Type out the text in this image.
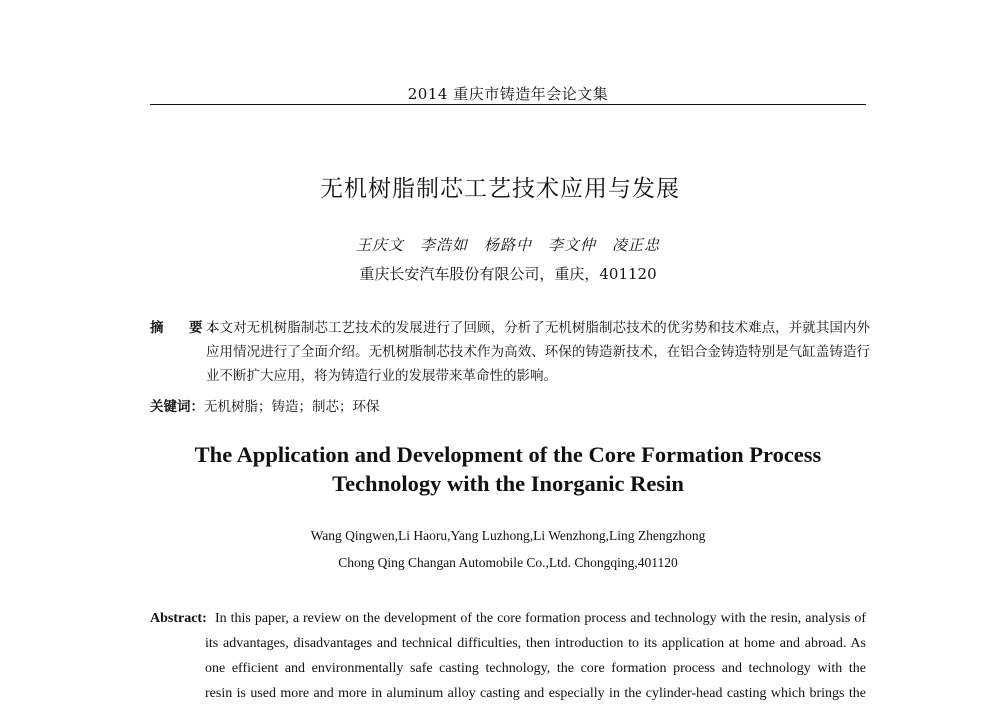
2014 重庆市铸造年会论文集
无机树脂制芯工艺技术应用与发展
王庆文　李浩如　杨路中　李文仲　凌正忠
重庆长安汽车股份有限公司，重庆，401120
摘　要：
本文对无机树脂制芯工艺技术的发展进行了回顾，分析了无机树脂制芯技术的优劣势和技术难点，并就其国内外应用情况进行了全面介绍。无机树脂制芯技术作为高效、环保的铸造新技术，在铝合金铸造特别是气缸盖铸造行业不断扩大应用，将为铸造行业的发展带来革命性的影响。
关键词：无机树脂；铸造；制芯；环保
The Application and Development of the Core Formation Process
Technology with the Inorganic Resin
Wang Qingwen,Li Haoru,Yang Luzhong,Li Wenzhong,Ling Zhengzhong
Chong Qing Changan Automobile Co.,Ltd. Chongqing,401120
Abstract: In this paper, a review on the development of the core formation process and technology with the resin, analysis of
its advantages, disadvantages and technical difficulties, then introduction to its application at home and abroad. As
one efficient and environmentally safe casting technology, the core formation process and technology with the
resin is used more and more in aluminum alloy casting and especially in the cylinder-head casting which brings the
